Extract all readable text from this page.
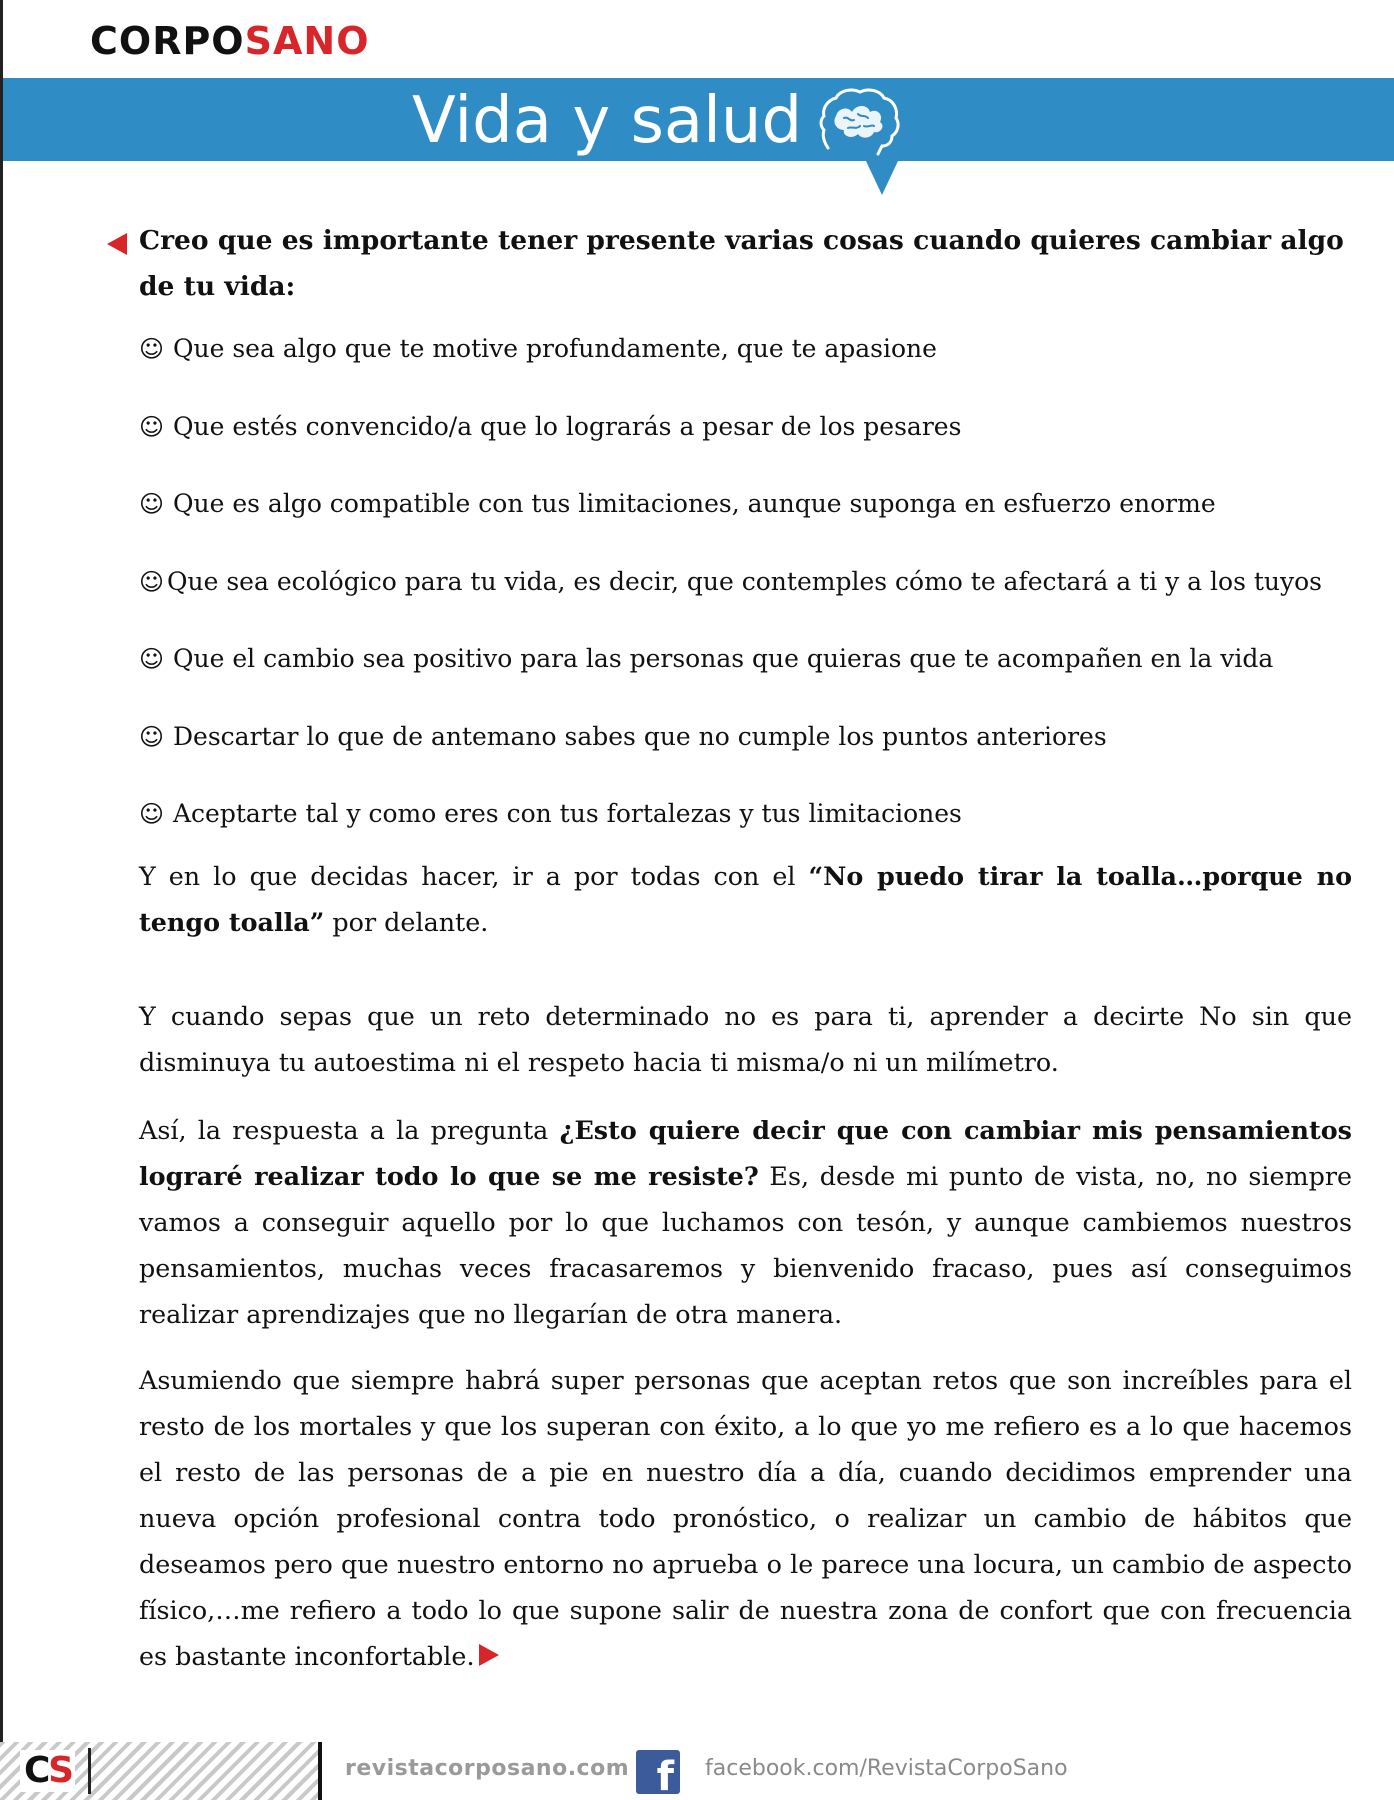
CORPOSANO
Vida y salud

Creo que es importante tener presente varias cosas cuando quieres cambiar algo de tu vida:

☺ Que sea algo que te motive profundamente, que te apasione
☺ Que estés convencido/a que lo lograrás a pesar de los pesares
☺ Que es algo compatible con tus limitaciones, aunque suponga en esfuerzo enorme
☺ Que sea ecológico para tu vida, es decir, que contemples cómo te afectará a ti y a los tuyos
☺ Que el cambio sea positivo para las personas que quieras que te acompañen en la vida
☺ Descartar lo que de antemano sabes que no cumple los puntos anteriores
☺ Aceptarte tal y como eres con tus fortalezas y tus limitaciones

Y en lo que decidas hacer, ir a por todas con el “No puedo tirar la toalla…porque no tengo toalla” por delante.

Y cuando sepas que un reto determinado no es para ti, aprender a decirte No sin que disminuya tu autoestima ni el respeto hacia ti misma/o ni un milímetro.

Así, la respuesta a la pregunta ¿Esto quiere decir que con cambiar mis pensamientos lograré realizar todo lo que se me resiste? Es, desde mi punto de vista, no, no siempre vamos a conseguir aquello por lo que luchamos con tesón, y aunque cambiemos nuestros pensamientos, muchas veces fracasaremos y bienvenido fracaso, pues así conseguimos realizar aprendizajes que no llegarían de otra manera.

Asumiendo que siempre habrá super personas que aceptan retos que son increíbles para el resto de los mortales y que los superan con éxito, a lo que yo me refiero es a lo que hacemos el resto de las personas de a pie en nuestro día a día, cuando decidimos emprender una nueva opción profesional contra todo pronóstico, o realizar un cambio de hábitos que deseamos pero que nuestro entorno no aprueba o le parece una locura, un cambio de aspecto físico,…me refiero a todo lo que supone salir de nuestra zona de confort que con frecuencia es bastante inconfortable.

CS	revistacorposano.com f facebook.com/RevistaCorpoSano
